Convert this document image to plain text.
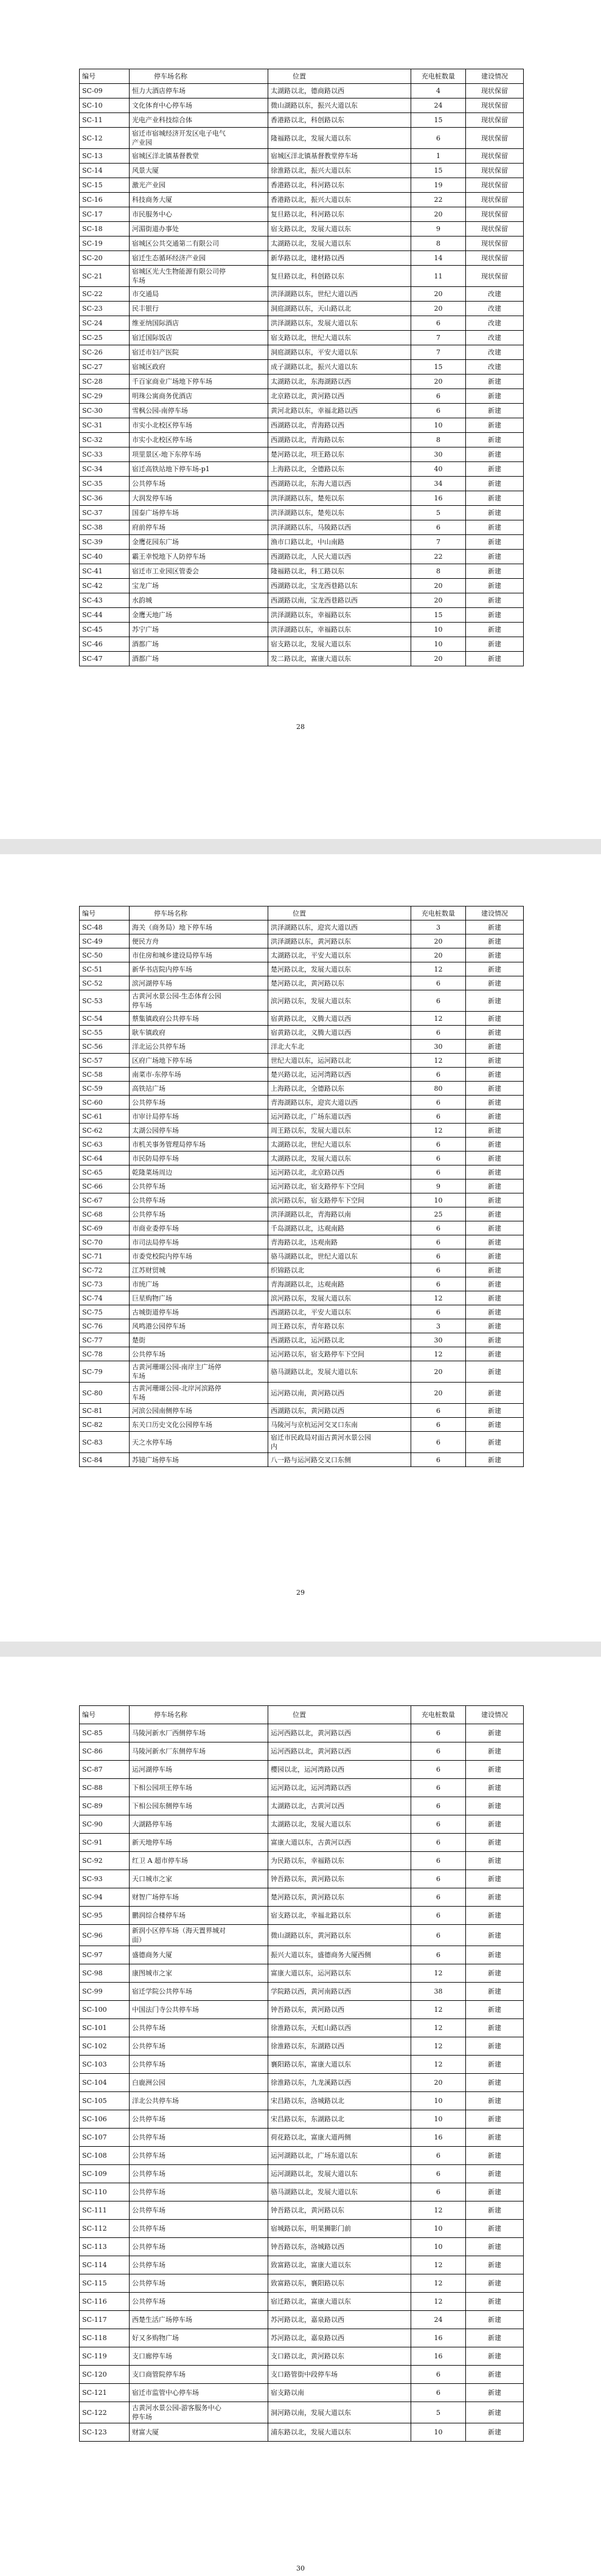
编号	停车场名称	位置	充电桩数量	建设情况
SC-09	恒力大酒店停车场	太湖路以北，德商路以西	4	现状保留
SC-10	文化体育中心停车场	微山湖路以东，振兴大道以东	24	现状保留
SC-11	光电产业科技综合体	香港路以北，科创路以东	15	现状保留
SC-12	宿迁市宿城经济开发区电子电气产业园	隆福路以北，发展大道以东	6	现状保留
SC-13	宿城区洋北镇基督教堂	宿城区洋北镇基督教堂停车场	1	现状保留
SC-14	风景大厦	徐淮路以北，振兴大道以东	15	现状保留
SC-15	激光产业园	香港路以北，科河路以东	19	现状保留
SC-16	科技商务大厦	香港路以北，振兴大道以东	22	现状保留
SC-17	市民服务中心	复旦路以北，科河路以东	20	现状保留
SC-18	河湄街道办事处	宿支路以北，发展大道以东	9	现状保留
SC-19	宿城区公共交通第二有限公司	太湖路以北，发展大道以东	8	现状保留
SC-20	宿迁生态循环经济产业园	新华路以北，建材路以西	14	现状保留
SC-21	宿城区光大生物能源有限公司停车场	复旦路以北，科创路以东	11	现状保留
SC-22	市交通局	洪泽湖路以东，世纪大道以西	20	改建
SC-23	民丰银行	洞庭湖路以东，天山路以北	20	改建
SC-24	维亚纳国际酒店	洪泽湖路以东，发展大道以东	6	改建
SC-25	宿迁国际饭店	宿支路以北，世纪大道以东	7	改建
SC-26	宿迁市妇产医院	洞庭湖路以东，平安大道以东	7	改建
SC-27	宿城区政府	成子湖路以北，振兴大道以东	15	改建
SC-28	千百家商业广场地下停车场	太湖路以北，东海湖路以西	20	新建
SC-29	明珠公寓商务优酒店	北京路以北，黄河路以西	6	新建
SC-30	雪枫公园-南停车场	黄河北路以东，幸福北路以西	6	新建
SC-31	市实小北校区停车场	西湖路以北，青海路以西	10	新建
SC-32	市实小北校区停车场	西湖路以北，青海路以东	8	新建
SC-33	项里景区-地下东停车场	楚河路以北，项王路以东	30	新建
SC-34	宿迁高铁站地下停车场-p1	上海路以北，全德路以东	40	新建
SC-35	公共停车场	西湖路以北，东海大道以西	34	新建
SC-36	大润发停车场	洪泽湖路以东，楚苑以东	16	新建
SC-37	国泰广场停车场	洪泽湖路以东，楚苑以东	5	新建
SC-38	府前停车场	洪泽湖路以东，马陵路以西	6	新建
SC-39	金鹰花园东广场	渔市口路以北，中山南路	7	新建
SC-40	霸王幸悦地下人防停车场	西湖路以北，人民大道以西	22	新建
SC-41	宿迁市工业园区管委会	隆福路以北，科工路以东	8	新建
SC-42	宝龙广场	西湖路以北，宝龙西巷路以东	20	新建
SC-43	水韵城	西湖路以南，宝龙西巷路以西	20	新建
SC-44	金鹰天地广场	洪泽湖路以东，幸福路以东	15	新建
SC-45	苏宁广场	洪泽湖路以东，幸福路以东	10	新建
SC-46	酒都广场	宿支路以北，发展大道以东	10	新建
SC-47	酒都广场	发二路以北，富康大道以东	20	新建
28
编号	停车场名称	位置	充电桩数量	建设情况
SC-48	海关（商务局）地下停车场	洪泽湖路以东，迎宾大道以西	3	新建
SC-49	便民方舟	洪泽湖路以东，黄河路以东	20	新建
SC-50	市住房和城乡建设局停车场	太湖路以北，平安大道以东	20	新建
SC-51	新华书店院内停车场	楚河路以北，发展大道以东	12	新建
SC-52	滨河湖停车场	楚河路以北，黄河路以东	6	新建
SC-53	古黄河水景公园-生态体育公园停车场	滨河路以东，发展大道以东	6	新建
SC-54	蔡集镇政府公共停车场	宿黄路以北，义腾大道以西	12	新建
SC-55	耿车镇政府	宿黄路以北，义腾大道以西	6	新建
SC-56	洋北运公共停车场	洋北大车北	30	新建
SC-57	区府广场地下停车场	世纪大道以东，运河路以北	12	新建
SC-58	南菜市-东停车场	楚兴路以北，运河湾路以西	6	新建
SC-59	高铁站广场	上海路以北，全德路以东	80	新建
SC-60	公共停车场	青海湖路以东，迎宾大道以西	6	新建
SC-61	市审计局停车场	运河路以北，广场东道以西	6	新建
SC-62	太湖公园停车场	周王路以东，发展大道以东	12	新建
SC-63	市机关事务管理局停车场	太湖路以北，世纪大道以东	6	新建
SC-64	市民防局停车场	太湖路以北，发展大道以东	6	新建
SC-65	乾隆菜场周边	运河路以北，北京路以西	6	新建
SC-66	公共停车场	运河路以北，宿支路停车下空间	9	新建
SC-67	公共停车场	滨河路以东，宿支路停车下空间	10	新建
SC-68	公共停车场	洪泽湖路以北，青海路以南	25	新建
SC-69	市商业委停车场	千岛湖路以北，达观南路	6	新建
SC-70	市司法局停车场	青海路以北，达观南路	6	新建
SC-71	市委党校院内停车场	骆马湖路以北，世纪大道以东	6	新建
SC-72	江苏财贸城	织锦路以北	6	新建
SC-73	市统广场	青海湖路以北，达观南路	6	新建
SC-74	巨星购物广场	滨河路以东，发展大道以东	12	新建
SC-75	古城街道停车场	西湖路以北，平安大道以东	6	新建
SC-76	风鸣港公园停车场	周王路以东，青年路以东	3	新建
SC-77	楚街	西湖路以北，运河路以北	30	新建
SC-78	公共停车场	运河路以东，宿支路停车下空间	12	新建
SC-79	古黄河珊瑚公园-南岸主广场停车场	骆马湖路以北，发展大道以东	20	新建
SC-80	古黄河珊瑚公园-北岸河滨路停车场	运河路以南，黄河路以西	20	新建
SC-81	河滨公园南侧停车场	西湖路以东，黄河路以西	6	新建
SC-82	东关口历史文化公园停车场	马陵河与京杭运河交叉口东南	6	新建
SC-83	天之水停车场	宿迁市民政局对面古黄河水景公园内	6	新建
SC-84	苏镜广场停车场	八一路与运河路交叉口东侧	6	新建
29
编号	停车场名称	位置	充电桩数量	建设情况
SC-85	马陵河新水厂西侧停车场	运河西路以北，黄河路以西	6	新建
SC-86	马陵河新水厂东侧停车场	运河西路以北，黄河路以西	6	新建
SC-87	运河湖停车场	樱园以北，运河湾路以西	6	新建
SC-88	下相公园项王停车场	运河路以北，运河湾路以西	6	新建
SC-89	下相公园东侧停车场	太湖路以北，古黄河以西	6	新建
SC-90	大湖路停车场	太湖路以北，发展大道以东	6	新建
SC-91	新天地停车场	富康大道以东，古黄河以西	6	新建
SC-92	红卫 A 超市停车场	为民路以东，幸福路以东	6	新建
SC-93	天口城市之家	钟吾路以东，黄河路以东	6	新建
SC-94	财智广场停车场	楚河路以东，黄河路以东	6	新建
SC-95	鹏润综合楼停车场	宿支路以北，幸福北路以东	6	新建
SC-96	新润小区停车场（海天置界城对面）	微山湖路以东，黄河路以东	6	新建
SC-97	盛德商务大厦	振兴大道以东，盛德商务大厦西侧	6	新建
SC-98	康图城市之家	富康大道以东，运河路以东	12	新建
SC-99	宿迁学院公共停车场	学院路以西，黄河南路以西	38	新建
SC-100	中国法门寺公共停车场	钟吾路以东，黄河路以西	12	新建
SC-101	公共停车场	徐淮路以东，天虹山路以西	12	新建
SC-102	公共停车场	徐淮路以东，东湖路以西	12	新建
SC-103	公共停车场	襄阳路以东，富康大道以东	12	新建
SC-104	白鹿洲公园	徐淮路以东，九龙溪路以西	20	新建
SC-105	洋北公共停车场	宋昌路以东，洛城路以北	10	新建
SC-106	公共停车场	宋昌路以东，东湖路以北	10	新建
SC-107	公共停车场	荷花路以北，富康大道两侧	16	新建
SC-108	公共停车场	运河湖路以北，广场东道以东	6	新建
SC-109	公共停车场	运河湖路以北，发展大道以东	6	新建
SC-110	公共停车场	骆马湖路以北，发展大道以东	6	新建
SC-111	公共停车场	钟吾路以北，黄河路以东	12	新建
SC-112	公共停车场	宿城路以东，明果狮影门前	10	新建
SC-113	公共停车场	钟吾路以东，洛城路以西	10	新建
SC-114	公共停车场	致富路以北，富康大道以东	12	新建
SC-115	公共停车场	致富路以东，襄阳路以东	12	新建
SC-116	公共停车场	宿迁路以北，富康大道以东	12	新建
SC-117	西楚生活广场停车场	苏河路以北，嘉泉路以西	24	新建
SC-118	好又多购物广场	苏河路以北，嘉泉路以西	16	新建
SC-119	支口廊停车场	支口路以北，黄河路以东	16	新建
SC-120	支口商管院停车场	支口路管街中段停车场	6	新建
SC-121	宿迁市监管中心停车场	宿支路以南	6	新建
SC-122	古黄河水景公园-游客服务中心停车场	洞河路以南，发展大道以东	5	新建
SC-123	财富大厦	浦东路以北，发展大道以东	10	新建
30
